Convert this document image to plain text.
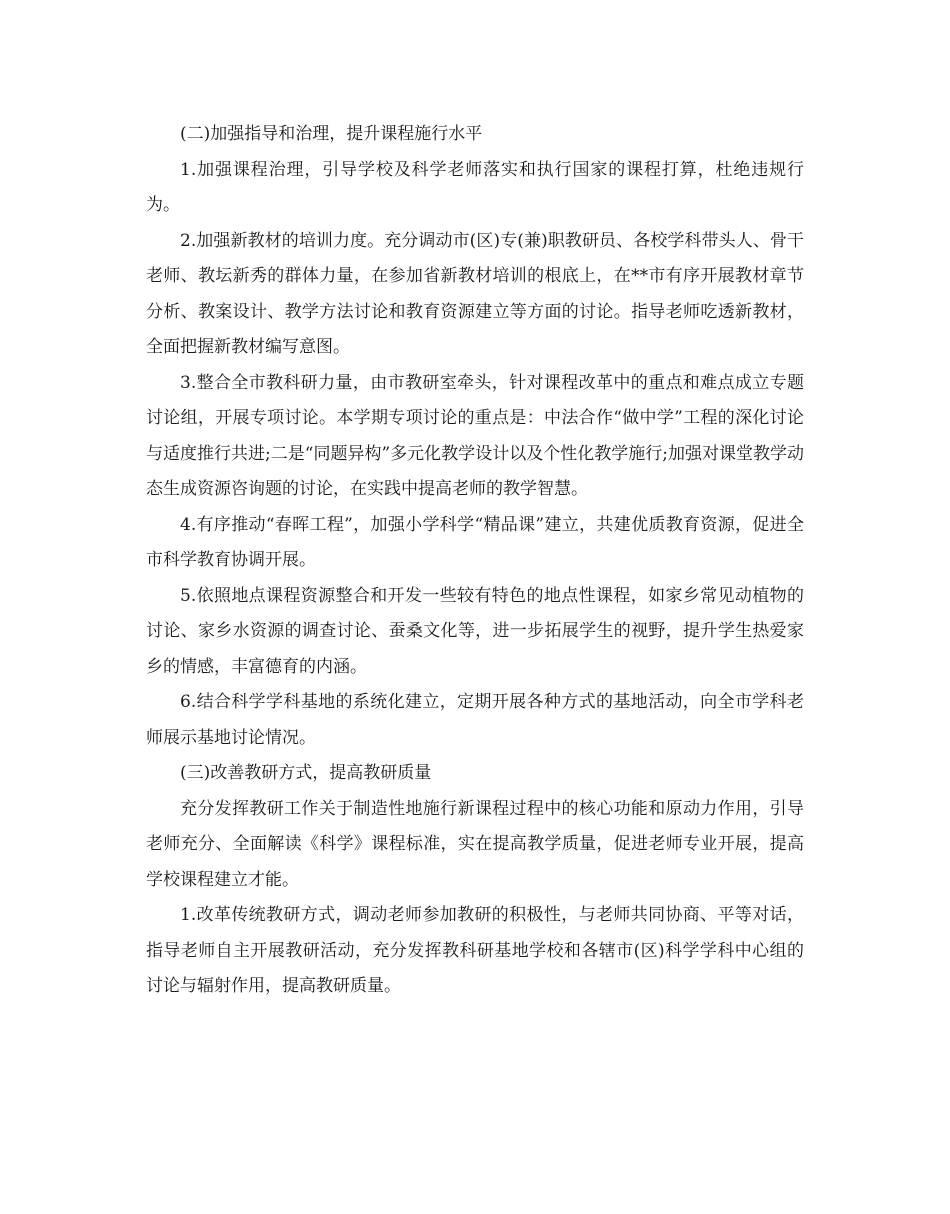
(二)加强指导和治理，提升课程施行水平

1.加强课程治理，引导学校及科学老师落实和执行国家的课程打算，杜绝违规行为。

2.加强新教材的培训力度。充分调动市(区)专(兼)职教研员、各校学科带头人、骨干老师、教坛新秀的群体力量，在参加省新教材培训的根底上，在**市有序开展教材章节分析、教案设计、教学方法讨论和教育资源建立等方面的讨论。指导老师吃透新教材，全面把握新教材编写意图。

3.整合全市教科研力量，由市教研室牵头，针对课程改革中的重点和难点成立专题讨论组，开展专项讨论。本学期专项讨论的重点是：中法合作“做中学”工程的深化讨论与适度推行共进;二是“同题异构”多元化教学设计以及个性化教学施行;加强对课堂教学动态生成资源咨询题的讨论，在实践中提高老师的教学智慧。

4.有序推动“春晖工程”，加强小学科学“精品课”建立，共建优质教育资源，促进全市科学教育协调开展。

5.依照地点课程资源整合和开发一些较有特色的地点性课程，如家乡常见动植物的讨论、家乡水资源的调查讨论、蚕桑文化等，进一步拓展学生的视野，提升学生热爱家乡的情感，丰富德育的内涵。

6.结合科学学科基地的系统化建立，定期开展各种方式的基地活动，向全市学科老师展示基地讨论情况。

(三)改善教研方式，提高教研质量

充分发挥教研工作关于制造性地施行新课程过程中的核心功能和原动力作用，引导老师充分、全面解读《科学》课程标准，实在提高教学质量，促进老师专业开展，提高学校课程建立才能。

1.改革传统教研方式，调动老师参加教研的积极性，与老师共同协商、平等对话，指导老师自主开展教研活动，充分发挥教科研基地学校和各辖市(区)科学学科中心组的讨论与辐射作用，提高教研质量。
